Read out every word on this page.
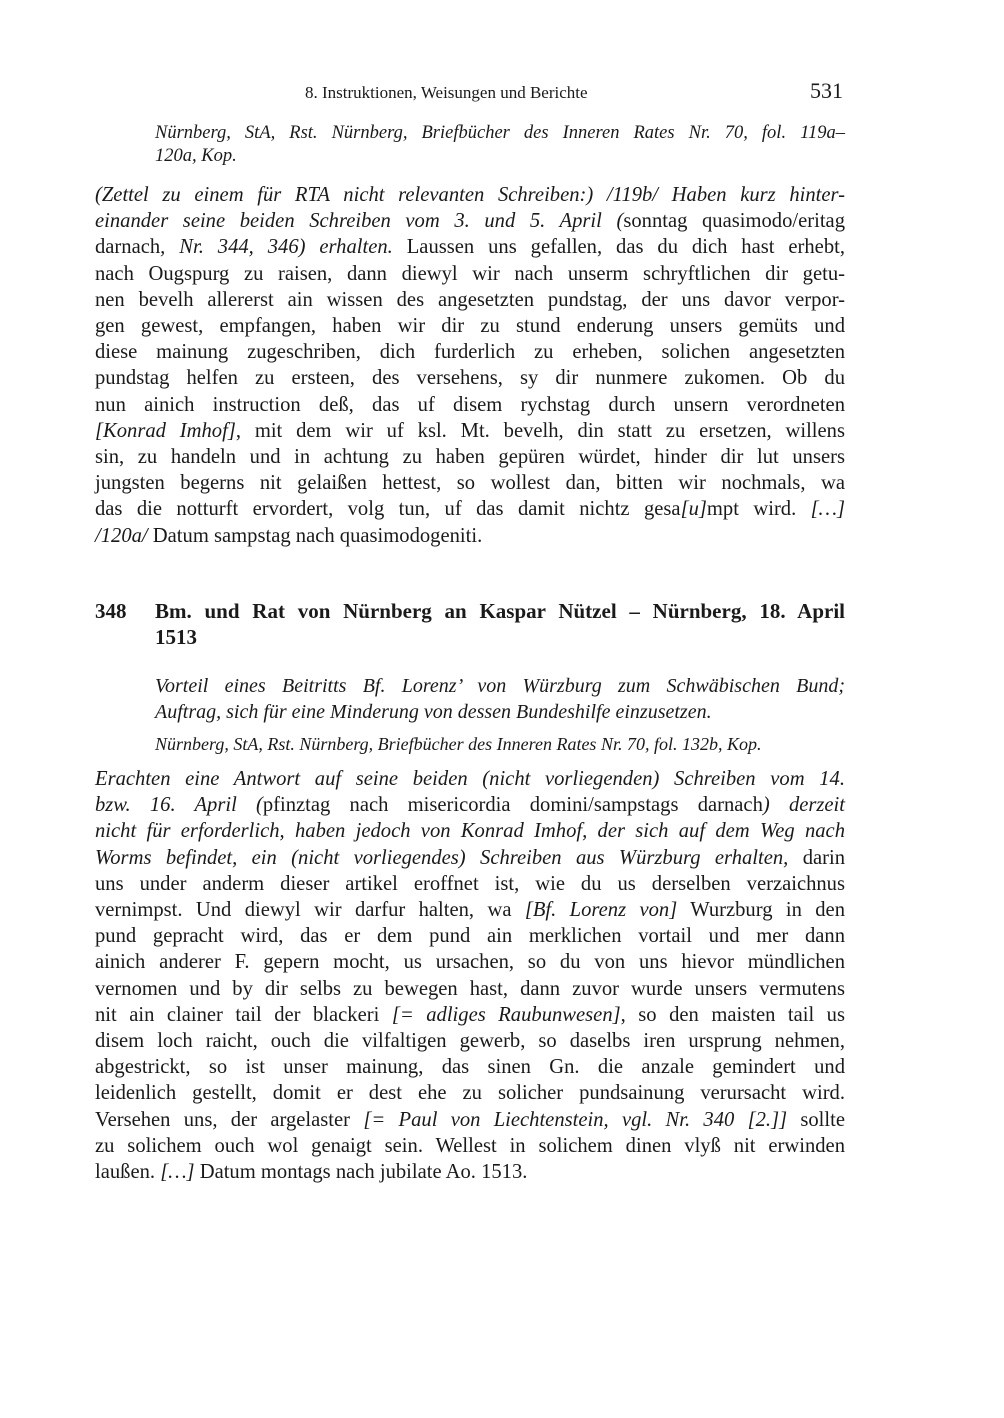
8. Instruktionen, Weisungen und Berichte	531
Nürnberg, StA, Rst. Nürnberg, Briefbücher des Inneren Rates Nr. 70, fol. 119a–
120a, Kop.
(Zettel zu einem für RTA nicht relevanten Schreiben:) /119b/ Haben kurz hinter-
einander seine beiden Schreiben vom 3. und 5. April (sonntag quasimodo/eritag
darnach, Nr. 344, 346) erhalten. Laussen uns gefallen, das du dich hast erhebt,
nach Ougspurg zu raisen, dann diewyl wir nach unserm schryftlichen dir getu-
nen bevelh allererst ain wissen des angesetzten pundstag, der uns davor verpor-
gen gewest, empfangen, haben wir dir zu stund enderung unsers gemüts und
diese mainung zugeschriben, dich furderlich zu erheben, solichen angesetzten
pundstag helfen zu ersteen, des versehens, sy dir nunmere zukomen. Ob du
nun ainich instruction deß, das uf disem rychstag durch unsern verordneten
[Konrad Imhof], mit dem wir uf ksl. Mt. bevelh, din statt zu ersetzen, willens
sin, zu handeln und in achtung zu haben gepüren würdet, hinder dir lut unsers
jungsten begerns nit gelaißen hettest, so wollest dan, bitten wir nochmals, wa
das die notturft ervordert, volg tun, uf das damit nichtz gesa[u]mpt wird. […]
/120a/ Datum sampstag nach quasimodogeniti.
348 Bm. und Rat von Nürnberg an Kaspar Nützel – Nürnberg, 18. April
1513
Vorteil eines Beitritts Bf. Lorenz’ von Würzburg zum Schwäbischen Bund;
Auftrag, sich für eine Minderung von dessen Bundeshilfe einzusetzen.
Nürnberg, StA, Rst. Nürnberg, Briefbücher des Inneren Rates Nr. 70, fol. 132b, Kop.
Erachten eine Antwort auf seine beiden (nicht vorliegenden) Schreiben vom 14.
bzw. 16. April (pfinztag nach misericordia domini/sampstags darnach) derzeit
nicht für erforderlich, haben jedoch von Konrad Imhof, der sich auf dem Weg nach
Worms befindet, ein (nicht vorliegendes) Schreiben aus Würzburg erhalten, darin
uns under anderm dieser artikel eroffnet ist, wie du us derselben verzaichnus
vernimpst. Und diewyl wir darfur halten, wa [Bf. Lorenz von] Wurzburg in den
pund gepracht wird, das er dem pund ain merklichen vortail und mer dann
ainich anderer F. gepern mocht, us ursachen, so du von uns hievor mündlichen
vernomen und by dir selbs zu bewegen hast, dann zuvor wurde unsers vermutens
nit ain clainer tail der blackeri [= adliges Raubunwesen], so den maisten tail us
disem loch raicht, ouch die vilfaltigen gewerb, so daselbs iren ursprung nehmen,
abgestrickt, so ist unser mainung, das sinen Gn. die anzale gemindert und
leidenlich gestellt, domit er dest ehe zu solicher pundsainung verursacht wird.
Versehen uns, der argelaster [= Paul von Liechtenstein, vgl. Nr. 340 [2.]] sollte
zu solichem ouch wol genaigt sein. Wellest in solichem dinen vlyß nit erwinden
laußen. […] Datum montags nach jubilate Ao. 1513.
